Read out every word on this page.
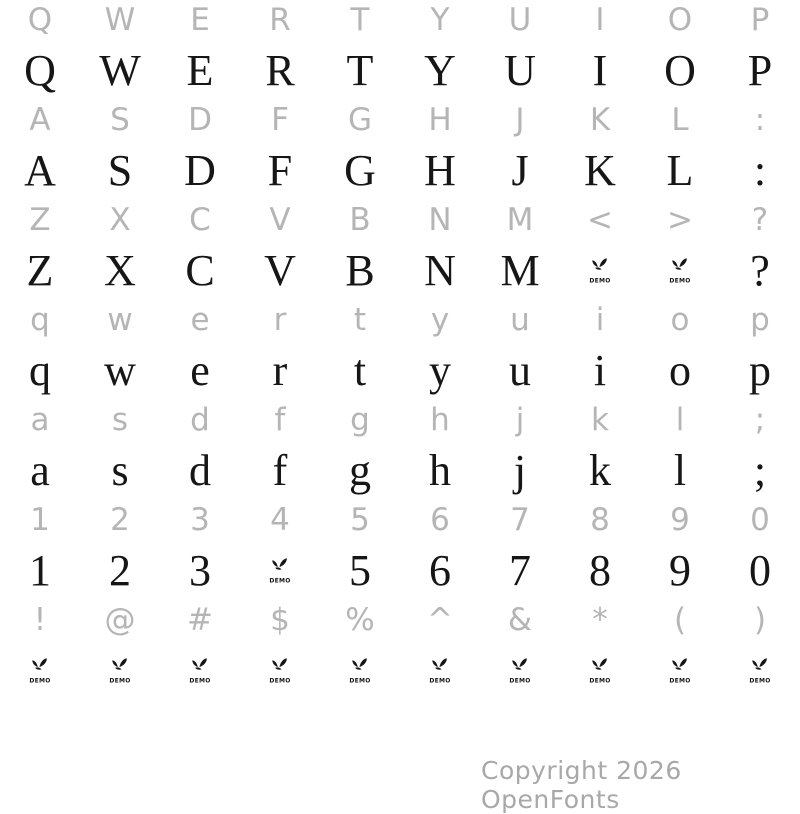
Q	W	E	R	T	Y	U	I	O	P
Q W	E	R	T	Y	U	I	O	P
A	S	D	F	G	H	J	K	L	:
A	S	D	F	G	H	J	K	L	:
Z	X	C	V	B	N	M	<	>	?
Z	X	C	V	B	N	M	DEMO	DEMO	?
q	w	e	r	t	y	u	i	o	p
q	w	e	r	t	y	u	i	o	p
a	s	d	f	g	h	j	k	l	;
a	s	d	f	g	h	j	k	l	;
1	2	3	4	5	6	7	8	9	0
1	2	3	DEMO	5	6	7	8	9	0
!	@	#	$	%	^	&	*	(	)
DEMO	DEMO	DEMO	DEMO	DEMO	DEMO	DEMO	DEMO	DEMO	DEMO
Copyright 2026 OpenFonts
